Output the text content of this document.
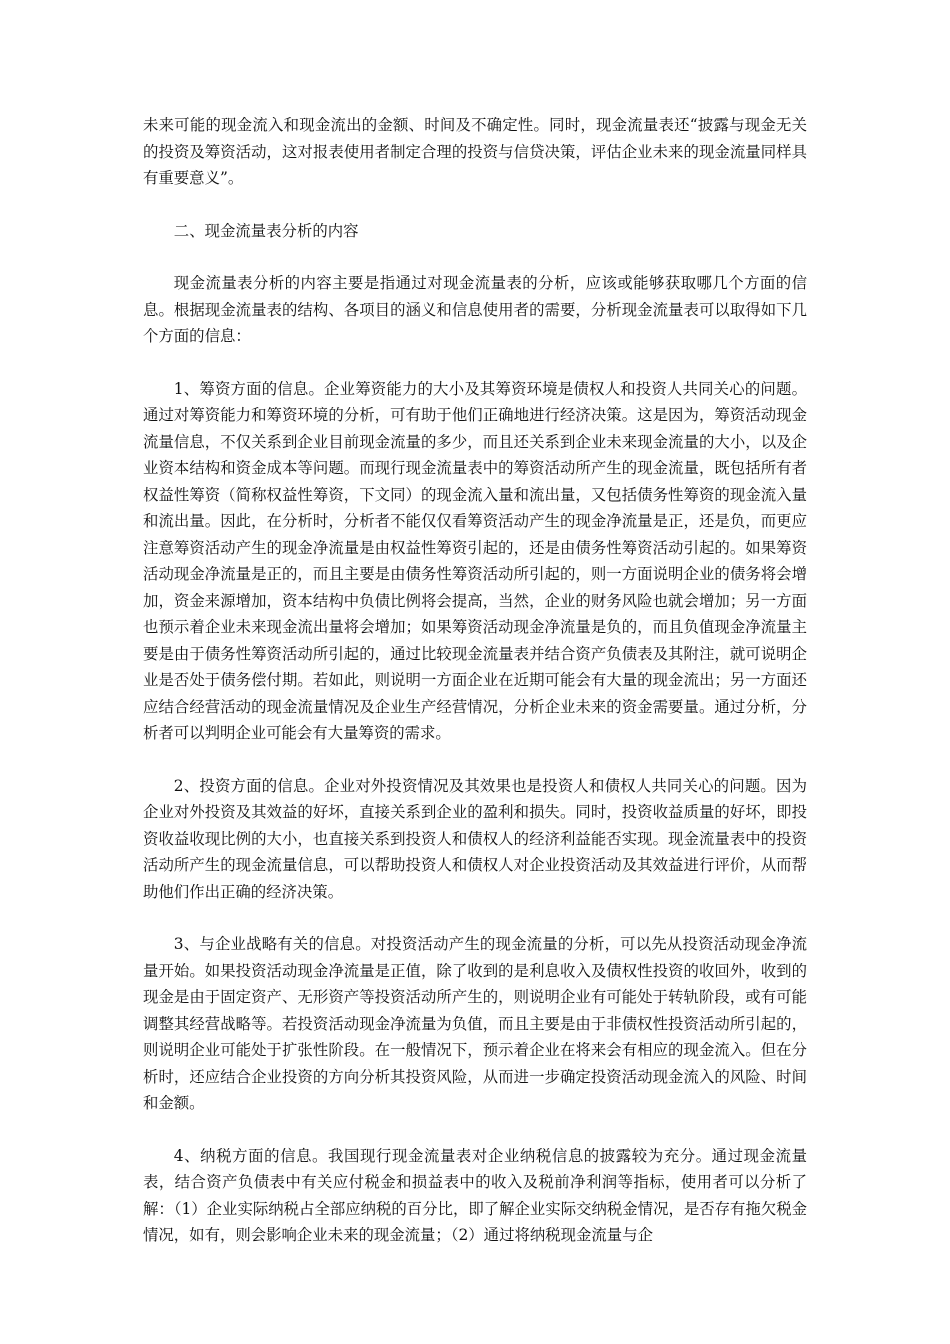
未来可能的现金流入和现金流出的金额、时间及不确定性。同时，现金流量表还“披露与现金无关的投资及筹资活动，这对报表使用者制定合理的投资与信贷决策，评估企业未来的现金流量同样具有重要意义”。

二、现金流量表分析的内容

现金流量表分析的内容主要是指通过对现金流量表的分析，应该或能够获取哪几个方面的信息。根据现金流量表的结构、各项目的涵义和信息使用者的需要，分析现金流量表可以取得如下几个方面的信息：

1、筹资方面的信息。企业筹资能力的大小及其筹资环境是债权人和投资人共同关心的问题。通过对筹资能力和筹资环境的分析，可有助于他们正确地进行经济决策。这是因为，筹资活动现金流量信息，不仅关系到企业目前现金流量的多少，而且还关系到企业未来现金流量的大小，以及企业资本结构和资金成本等问题。而现行现金流量表中的筹资活动所产生的现金流量，既包括所有者权益性筹资（简称权益性筹资，下文同）的现金流入量和流出量，又包括债务性筹资的现金流入量和流出量。因此，在分析时，分析者不能仅仅看筹资活动产生的现金净流量是正，还是负，而更应注意筹资活动产生的现金净流量是由权益性筹资引起的，还是由债务性筹资活动引起的。如果筹资活动现金净流量是正的，而且主要是由债务性筹资活动所引起的，则一方面说明企业的债务将会增加，资金来源增加，资本结构中负债比例将会提高，当然，企业的财务风险也就会增加；另一方面也预示着企业未来现金流出量将会增加；如果筹资活动现金净流量是负的，而且负值现金净流量主要是由于债务性筹资活动所引起的，通过比较现金流量表并结合资产负债表及其附注，就可说明企业是否处于债务偿付期。若如此，则说明一方面企业在近期可能会有大量的现金流出；另一方面还应结合经营活动的现金流量情况及企业生产经营情况，分析企业未来的资金需要量。通过分析，分析者可以判明企业可能会有大量筹资的需求。

2、投资方面的信息。企业对外投资情况及其效果也是投资人和债权人共同关心的问题。因为企业对外投资及其效益的好坏，直接关系到企业的盈利和损失。同时，投资收益质量的好坏，即投资收益收现比例的大小，也直接关系到投资人和债权人的经济利益能否实现。现金流量表中的投资活动所产生的现金流量信息，可以帮助投资人和债权人对企业投资活动及其效益进行评价，从而帮助他们作出正确的经济决策。

3、与企业战略有关的信息。对投资活动产生的现金流量的分析，可以先从投资活动现金净流量开始。如果投资活动现金净流量是正值，除了收到的是利息收入及债权性投资的收回外，收到的现金是由于固定资产、无形资产等投资活动所产生的，则说明企业有可能处于转轨阶段，或有可能调整其经营战略等。若投资活动现金净流量为负值，而且主要是由于非债权性投资活动所引起的，则说明企业可能处于扩张性阶段。在一般情况下，预示着企业在将来会有相应的现金流入。但在分析时，还应结合企业投资的方向分析其投资风险，从而进一步确定投资活动现金流入的风险、时间和金额。

4、纳税方面的信息。我国现行现金流量表对企业纳税信息的披露较为充分。通过现金流量表，结合资产负债表中有关应付税金和损益表中的收入及税前净利润等指标，使用者可以分析了解：（1）企业实际纳税占全部应纳税的百分比，即了解企业实际交纳税金情况，是否存有拖欠税金情况，如有，则会影响企业未来的现金流量；（2）通过将纳税现金流量与企
